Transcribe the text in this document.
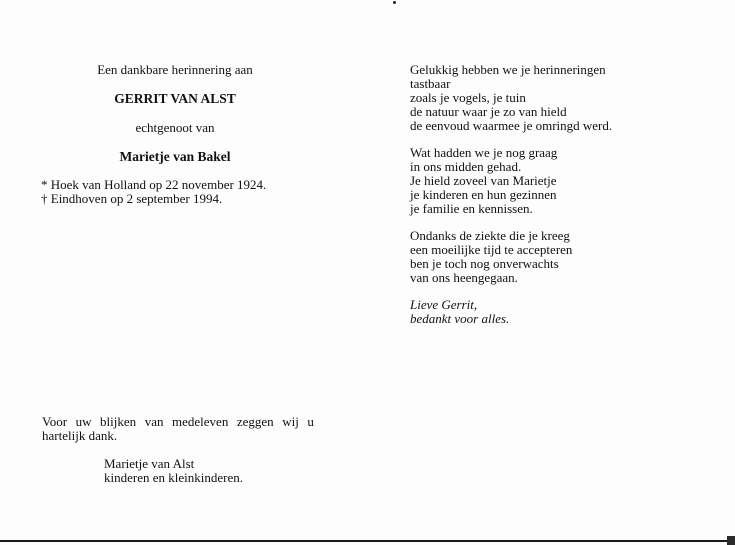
Een dankbare herinnering aan
GERRIT VAN ALST
echtgenoot van
Marietje van Bakel
* Hoek van Holland op 22 november 1924.
† Eindhoven op 2 september 1994.
Voor uw blijken van medeleven zeggen wij u
hartelijk dank.
Marietje van Alst
kinderen en kleinkinderen.
Gelukkig hebben we je herinneringen
tastbaar
zoals je vogels, je tuin
de natuur waar je zo van hield
de eenvoud waarmee je omringd werd.
Wat hadden we je nog graag
in ons midden gehad.
Je hield zoveel van Marietje
je kinderen en hun gezinnen
je familie en kennissen.
Ondanks de ziekte die je kreeg
een moeilijke tijd te accepteren
ben je toch nog onverwachts
van ons heengegaan.
Lieve Gerrit,
bedankt voor alles.
